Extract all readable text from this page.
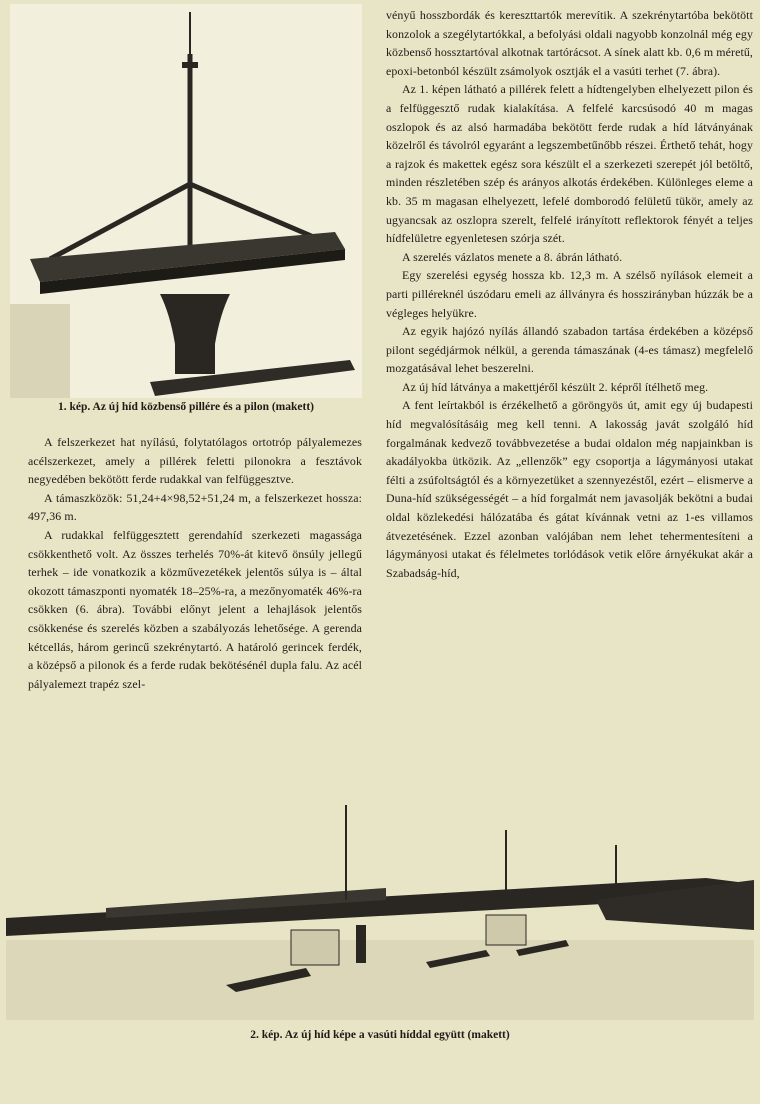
1. kép. Az új híd közbenső pillére és a pilon (makett)

A felszerkezet hat nyílású, folytatólagos ortotróp pályalemezes acélszerkezet, amely a pillérek feletti pilonokra a fesztávok negyedében bekötött ferde rudakkal van felfüggesztve.

A támaszközök: 51,24+4×98,52+51,24 m, a felszerkezet hossza: 497,36 m.

A rudakkal felfüggesztett gerendahíd szerkezeti magassága csökkenthető volt. Az összes terhelés 70%-át kitevő önsúly jellegű terhek – ide vonatkozik a közművezetékek jelentős súlya is – által okozott támaszponti nyomaték 18–25%-ra, a mezőnyomaték 46%-ra csökken (6. ábra). További előnyt jelent a lehajlások jelentős csökkenése és szerelés közben a szabályozás lehetősége. A gerenda kétcellás, három gerincű szekrénytartó. A határoló gerincek ferdék, a középső a pilonok és a ferde rudak bekötésénél dupla falu. Az acél pályalemezt trapéz szel-

vényű hosszbordák és kereszttartók merevítik. A szekrénytartóba bekötött konzolok a szegélytartókkal, a befolyási oldali nagyobb konzolnál még egy közbenső hossztartóval alkotnak tartórácsot. A sínek alatt kb. 0,6 m méretű, epoxi-betonból készült zsámolyok osztják el a vasúti terhet (7. ábra).

Az 1. képen látható a pillérek felett a hídtengelyben elhelyezett pilon és a felfüggesztő rudak kialakítása. A felfelé karcsúsodó 40 m magas oszlopok és az alsó harmadába bekötött ferde rudak a híd látványának közelről és távolról egyaránt a legszembetűnőbb részei. Érthető tehát, hogy a rajzok és makettek egész sora készült el a szerkezeti szerepét jól betöltő, minden részletében szép és arányos alkotás érdekében. Különleges eleme a kb. 35 m magasan elhelyezett, lefelé domborodó felületű tükör, amely az ugyancsak az oszlopra szerelt, felfelé irányított reflektorok fényét a teljes hídfelületre egyenletesen szórja szét.

A szerelés vázlatos menete a 8. ábrán látható.

Egy szerelési egység hossza kb. 12,3 m. A szélső nyílások elemeit a parti pilléreknél úszódaru emeli az állványra és hosszirányban húzzák be a végleges helyükre.

Az egyik hajózó nyílás állandó szabadon tartása érdekében a középső pilont segédjármok nélkül, a gerenda támaszának (4-es támasz) megfelelő mozgatásával lehet beszerelni.

Az új híd látványa a makettjéről készült 2. képről ítélhető meg.

A fent leírtakból is érzékelhető a göröngyös út, amit egy új budapesti híd megvalósításáig meg kell tenni. A lakosság javát szolgáló híd forgalmának kedvező továbbvezetése a budai oldalon még napjainkban is akadályokba ütközik. Az „ellenzők” egy csoportja a lágymányosi utakat félti a zsúfoltságtól és a környezetüket a szennyezéstől, ezért – elismerve a Duna-híd szükségességét – a híd forgalmát nem javasolják bekötni a budai oldal közlekedési hálózatába és gátat kívánnak vetni az 1-es villamos átvezetésének. Ezzel azonban valójában nem lehet tehermentesíteni a lágymányosi utakat és félelmetes torlódások vetik előre árnyékukat akár a Szabadság-híd,

2. kép. Az új híd képe a vasúti híddal együtt (makett)
